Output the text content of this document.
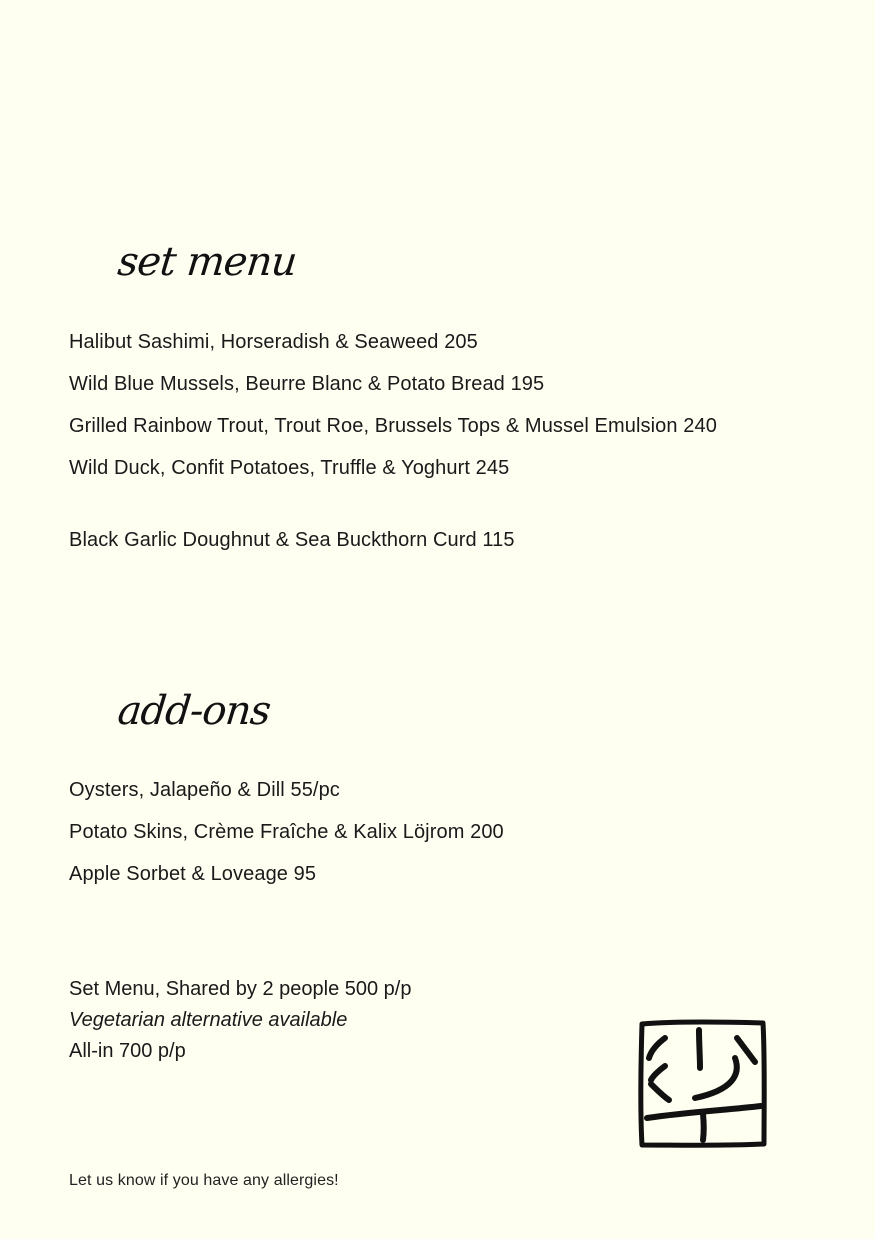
set menu
Halibut Sashimi, Horseradish & Seaweed 205
Wild Blue Mussels, Beurre Blanc & Potato Bread 195
Grilled Rainbow Trout, Trout Roe, Brussels Tops & Mussel Emulsion 240
Wild Duck, Confit Potatoes, Truffle & Yoghurt 245
Black Garlic Doughnut & Sea Buckthorn Curd 115
add-ons
Oysters, Jalapeño & Dill 55/pc
Potato Skins, Crème Fraîche & Kalix Löjrom 200
Apple Sorbet & Loveage 95
Set Menu, Shared by 2 people 500 p/p
Vegetarian alternative available
All-in 700 p/p
Let us know if you have any allergies!
